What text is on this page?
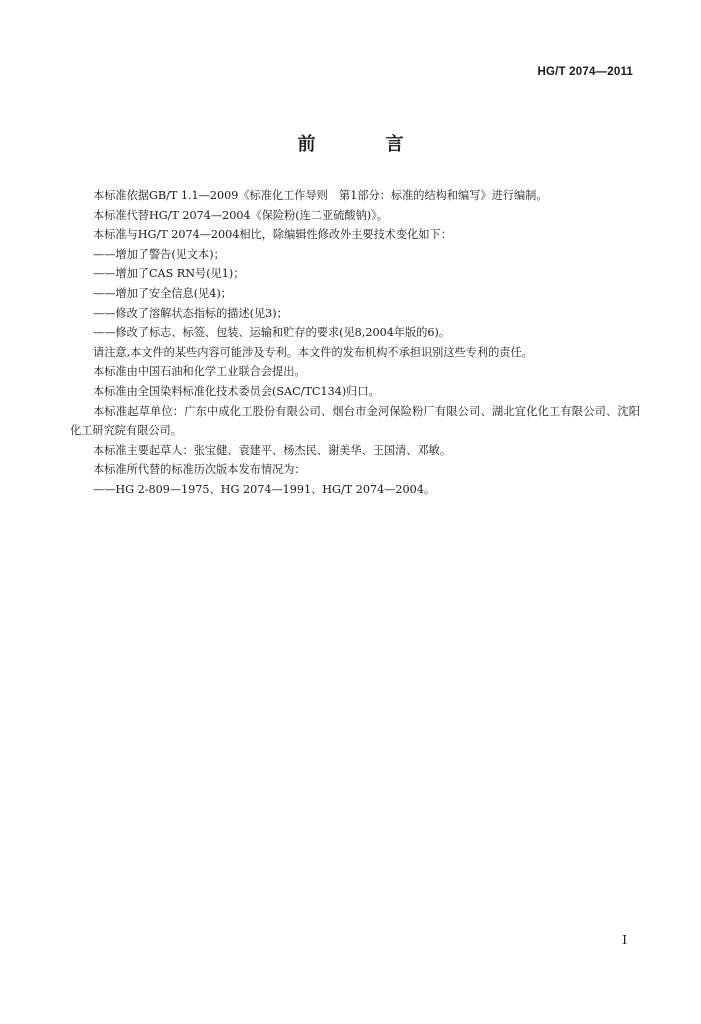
HG/T 2074—2011
前　言

本标准依据GB/T 1.1—2009《标准化工作导则　第1部分：标准的结构和编写》进行编制。

本标准代替HG/T 2074—2004《保险粉(连二亚硫酸钠)》。

本标准与HG/T 2074—2004相比，除编辑性修改外主要技术变化如下：

——增加了警告(见文本)；

——增加了CAS RN号(见1)；

——增加了安全信息(见4)；

——修改了溶解状态指标的描述(见3)；

——修改了标志、标签、包装、运输和贮存的要求(见8,2004年版的6)。

请注意,本文件的某些内容可能涉及专利。本文件的发布机构不承担识别这些专利的责任。

本标准由中国石油和化学工业联合会提出。

本标准由全国染料标准化技术委员会(SAC/TC134)归口。

本标准起草单位：广东中成化工股份有限公司、烟台市金河保险粉厂有限公司、湖北宜化化工有限公司、沈阳化工研究院有限公司。

本标准主要起草人：张宝健、袁建平、杨杰民、谢美华、王国清、邓敏。

本标准所代替的标准历次版本发布情况为：

——HG 2-809—1975、HG 2074—1991、HG/T 2074—2004。

I
